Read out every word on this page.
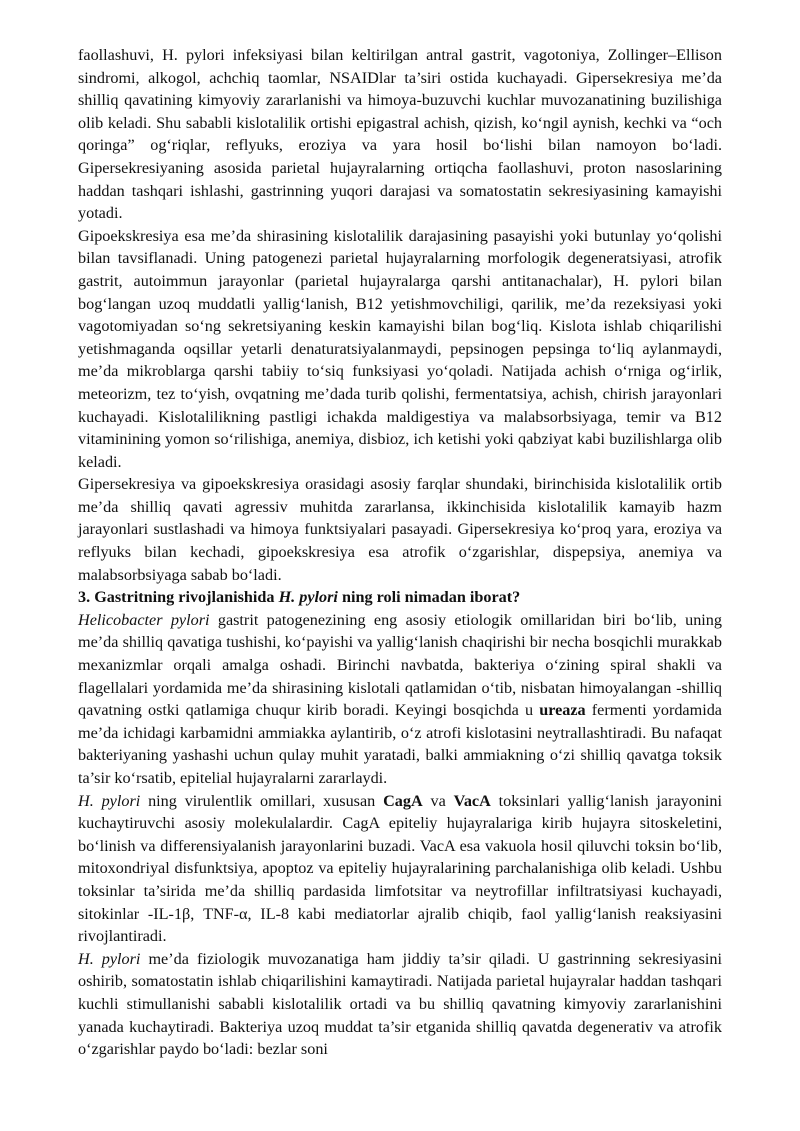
faollashuvi, H. pylori infeksiyasi bilan keltirilgan antral gastrit, vagotoniya, Zollinger–Ellison sindromi, alkogol, achchiq taomlar, NSAIDlar ta’siri ostida kuchayadi. Gipersekresiya me’da shilliq qavatining kimyoviy zararlanishi va himoya-buzuvchi kuchlar muvozanatining buzilishiga olib keladi. Shu sababli kislotalilik ortishi epigastral achish, qizish, ko‘ngil aynish, kechki va “och qoringa” og‘riqlar, reflyuks, eroziya va yara hosil bo‘lishi bilan namoyon bo‘ladi. Gipersekresiyaning asosida parietal hujayralarning ortiqcha faollashuvi, proton nasoslarining haddan tashqari ishlashi, gastrinning yuqori darajasi va somatostatin sekresiyasining kamayishi yotadi.

Gipoekskresiya esa me’da shirasining kislotalilik darajasining pasayishi yoki butunlay yo‘qolishi bilan tavsiflanadi. Uning patogenezi parietal hujayralarning morfologik degeneratsiyasi, atrofik gastrit, autoimmun jarayonlar (parietal hujayralarga qarshi antitanachalar), H. pylori bilan bog‘langan uzoq muddatli yallig‘lanish, B12 yetishmovchiligi, qarilik, me’da rezeksiyasi yoki vagotomiyadan so‘ng sekretsiyaning keskin kamayishi bilan bog‘liq. Kislota ishlab chiqarilishi yetishmaganda oqsillar yetarli denaturatsiyalanmaydi, pepsinogen pepsinga to‘liq aylanmaydi, me’da mikroblarga qarshi tabiiy to‘siq funksiyasi yo‘qoladi. Natijada achish o‘rniga og‘irlik, meteorizm, tez to‘yish, ovqatning me’dada turib qolishi, fermentatsiya, achish, chirish jarayonlari kuchayadi. Kislotalilikning pastligi ichakda maldigestiya va malabsorbsiyaga, temir va B12 vitaminining yomon so‘rilishiga, anemiya, disbioz, ich ketishi yoki qabziyat kabi buzilishlarga olib keladi.

Gipersekresiya va gipoekskresiya orasidagi asosiy farqlar shundaki, birinchisida kislotalilik ortib me’da shilliq qavati agressiv muhitda zararlansa, ikkinchisida kislotalilik kamayib hazm jarayonlari sustlashadi va himoya funktsiyalari pasayadi. Gipersekresiya ko‘proq yara, eroziya va reflyuks bilan kechadi, gipoekskresiya esa atrofik o‘zgarishlar, dispepsiya, anemiya va malabsorbsiyaga sabab bo‘ladi.

3. Gastritning rivojlanishida H. pylori ning roli nimadan iborat?

Helicobacter pylori gastrit patogenezining eng asosiy etiologik omillaridan biri bo‘lib, uning me’da shilliq qavatiga tushishi, ko‘payishi va yallig‘lanish chaqirishi bir necha bosqichli murakkab mexanizmlar orqali amalga oshadi. Birinchi navbatda, bakteriya o‘zining spiral shakli va flagellalari yordamida me’da shirasining kislotali qatlamidan o‘tib, nisbatan himoyalangan -shilliq qavatning ostki qatlamiga chuqur kirib boradi. Keyingi bosqichda u ureaza fermenti yordamida me’da ichidagi karbamidni ammiakka aylantirib, o‘z atrofi kislotasini neytrallashtiradi. Bu nafaqat bakteriyaning yashashi uchun qulay muhit yaratadi, balki ammiakning o‘zi shilliq qavatga toksik ta’sir ko‘rsatib, epitelial hujayralarni zararlaydi.

H. pylori ning virulentlik omillari, xususan CagA va VacA toksinlari yallig‘lanish jarayonini kuchaytiruvchi asosiy molekulalardir. CagA epiteliy hujayralariga kirib hujayra sitoskeletini, bo‘linish va differensiyalanish jarayonlarini buzadi. VacA esa vakuola hosil qiluvchi toksin bo‘lib, mitoxondriyal disfunktsiya, apoptoz va epiteliy hujayralarining parchalanishiga olib keladi. Ushbu toksinlar ta’sirida me’da shilliq pardasida limfotsitar va neytrofillar infiltratsiyasi kuchayadi, sitokinlar -IL-1β, TNF-α, IL-8 kabi mediatorlar ajralib chiqib, faol yallig‘lanish reaksiyasini rivojlantiradi.

H. pylori me’da fiziologik muvozanatiga ham jiddiy ta’sir qiladi. U gastrinning sekresiyasini oshirib, somatostatin ishlab chiqarilishini kamaytiradi. Natijada parietal hujayralar haddan tashqari kuchli stimullanishi sababli kislotalilik ortadi va bu shilliq qavatning kimyoviy zararlanishini yanada kuchaytiradi. Bakteriya uzoq muddat ta’sir etganida shilliq qavatda degenerativ va atrofik o‘zgarishlar paydo bo‘ladi: bezlar soni
